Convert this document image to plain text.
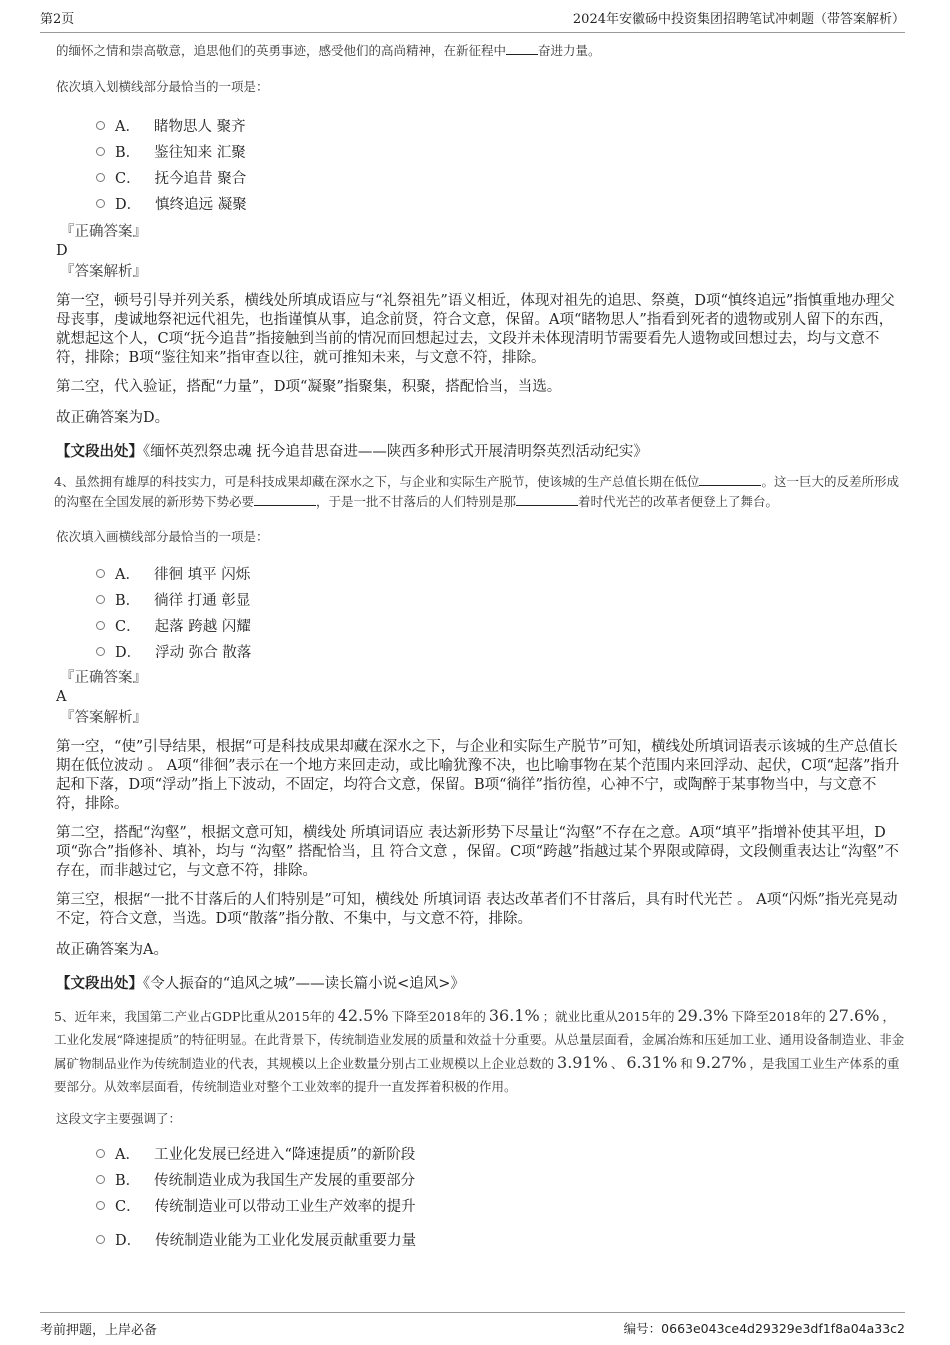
第2页	2024年安徽砀中投资集团招聘笔试冲刺题（带答案解析）

的缅怀之情和崇高敬意，追思他们的英勇事迹，感受他们的高尚精神，在新征程中	奋进力量。

依次填入划横线部分最恰当的一项是：

A． 睹物思人 聚齐
B． 鉴往知来 汇聚
C． 抚今追昔 聚合
D． 慎终追远 凝聚

『正确答案』

D

『答案解析』

第一空，顿号引导并列关系，横线处所填成语应与“礼祭祖先”语义相近，体现对祖先的追思、祭奠，D项“慎终追远”指慎重地办理父母丧事，虔诚地祭祀远代祖先，也指谨慎从事，追念前贤，符合文意，保留。A项“睹物思人”指看到死者的遗物或别人留下的东西，就想起这个人，C项“抚今追昔”指接触到当前的情况而回想起过去，文段并未体现清明节需要看先人遗物或回想过去，均与文意不符，排除；B项“鉴往知来”指审查以往，就可推知未来，与文意不符，排除。

第二空，代入验证，搭配“力量”，D项“凝聚”指聚集，积聚，搭配恰当，当选。

故正确答案为D。

【文段出处】《缅怀英烈祭忠魂 抚今追昔思奋进——陕西多种形式开展清明祭英烈活动纪实》

4、虽然拥有雄厚的科技实力，可是科技成果却藏在深水之下，与企业和实际生产脱节，使该城的生产总值长期在低位	。这一巨大的反差所形成的沟壑在全国发展的新形势下势必要	，于是一批不甘落后的人们特别是那	着时代光芒的改革者便登上了舞台。

依次填入画横线部分最恰当的一项是：

A． 徘徊 填平 闪烁
B． 徜徉 打通 彰显
C． 起落 跨越 闪耀
D． 浮动 弥合 散落

『正确答案』

A

『答案解析』

第一空，“使”引导结果，根据“可是科技成果却藏在深水之下，与企业和实际生产脱节”可知，横线处所填词语表示该城的生产总值长期在低位波动 。 A项“徘徊”表示在一个地方来回走动，或比喻犹豫不决，也比喻事物在某个范围内来回浮动、起伏，C项“起落”指升起和下落，D项“浮动”指上下波动，不固定，均符合文意，保留。B项“徜徉”指彷徨，心神不宁，或陶醉于某事物当中，与文意不符，排除。

第二空，搭配“沟壑”，根据文意可知，横线处 所填词语应 表达新形势下尽量让“沟壑”不存在之意。A项“填平”指增补使其平坦，D项“弥合”指修补、填补，均与 “沟壑” 搭配恰当，且 符合文意 ，保留。C项“跨越”指越过某个界限或障碍，文段侧重表达让“沟壑”不存在，而非越过它，与文意不符，排除。

第三空，根据“一批不甘落后的人们特别是”可知，横线处 所填词语 表达改革者们不甘落后，具有时代光芒 。 A项“闪烁”指光亮晃动不定，符合文意，当选。D项“散落”指分散、不集中，与文意不符，排除。

故正确答案为A。

【文段出处】《令人振奋的“追风之城”——读长篇小说<追风>》

5、近年来，我国第二产业占GDP比重从2015年的 42.5% 下降至2018年的 36.1% ；就业比重从2015年的 29.3% 下降至2018年的 27.6% ，工业化发展“降速提质”的特征明显。在此背景下，传统制造业发展的质量和效益十分重要。从总量层面看，金属冶炼和压延加工业、通用设备制造业、非金属矿物制品业作为传统制造业的代表，其规模以上企业数量分别占工业规模以上企业总数的 3.91% 、 6.31% 和 9.27% ，是我国工业生产体系的重要部分。从效率层面看，传统制造业对整个工业效率的提升一直发挥着积极的作用。

这段文字主要强调了：

A． 工业化发展已经进入“降速提质”的新阶段
B． 传统制造业成为我国生产发展的重要部分
C． 传统制造业可以带动工业生产效率的提升
D． 传统制造业能为工业化发展贡献重要力量
考前押题，上岸必备	编号：0663e043ce4d29329e3df1f8a04a33c2
